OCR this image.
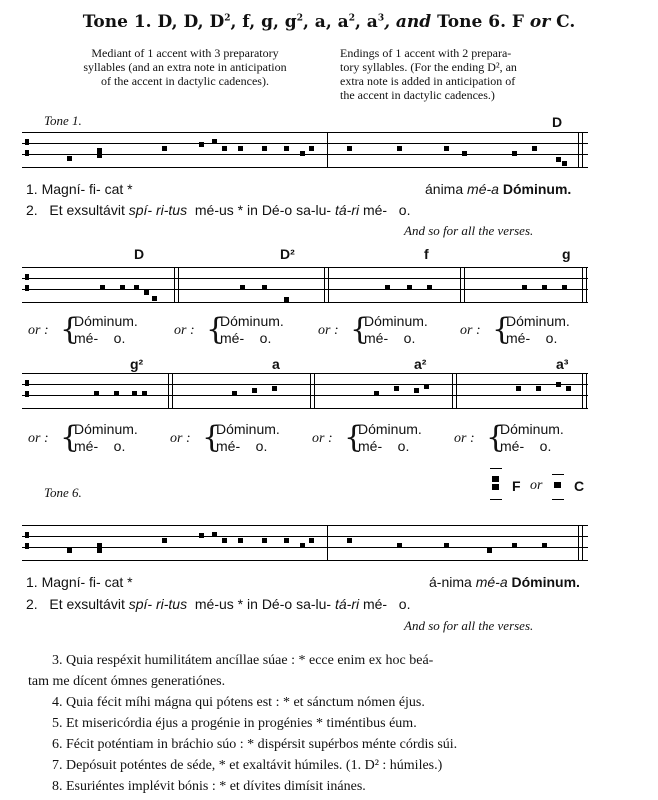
Tone 1. D, D, $D^2$, f, g, $g^2$, a, $a^2$, $a^3$, and Tone 6. F or C.
Mediant of 1 accent with 3 preparatory
syllables (and an extra note in anticipation
of the accent in dactylic cadences).
Endings of 1 accent with 2 prepara-
tory syllables. (For the ending D², an
extra note is added in anticipation of
the accent in dactylic cadences.)
Tone 1.	D
1. Magní- fi- cat *	ánima mé-a Dóminum.
2. Et exsultávit spí- ri-tus mé-us * in Dé-o sa-lu- tá-ri mé- o.
And so for all the verses.
D	D²	f	g
or : {
Dóminum.
mé-    o.	or : {
Dóminum.
mé-    o.	or : {
Dóminum.
mé-    o.	or : {
Dóminum.
mé-    o.
g²	a	a²	a³
or : {
Dóminum.
mé-    o.	or : {
Dóminum.
mé-    o.	or : {
Dóminum.
mé-    o.	or : {
Dóminum.
mé-    o.
Tone 6.	F or C
1. Magní- fi- cat *	á-nima mé-a Dóminum.
2. Et exsultávit spí- ri-tus mé-us * in Dé-o sa-lu- tá-ri mé- o.
And so for all the verses.
3. Quia respéxit humilitátem ancíllae súae : * ecce enim ex hoc beá-
tam me dícent ómnes generatiónes.
4. Quia fécit míhi mágna qui pótens est : * et sánctum nómen éjus.
5. Et misericórdia éjus a progénie in progénies * timéntibus éum.
6. Fécit poténtiam in bráchio súo : * dispérsit supérbos ménte córdis súi.
7. Depósuit poténtes de séde, * et exaltávit húmiles. (1. D² : húmiles.)
8. Esuriéntes implévit bónis : * et dívites dimísit inánes.
